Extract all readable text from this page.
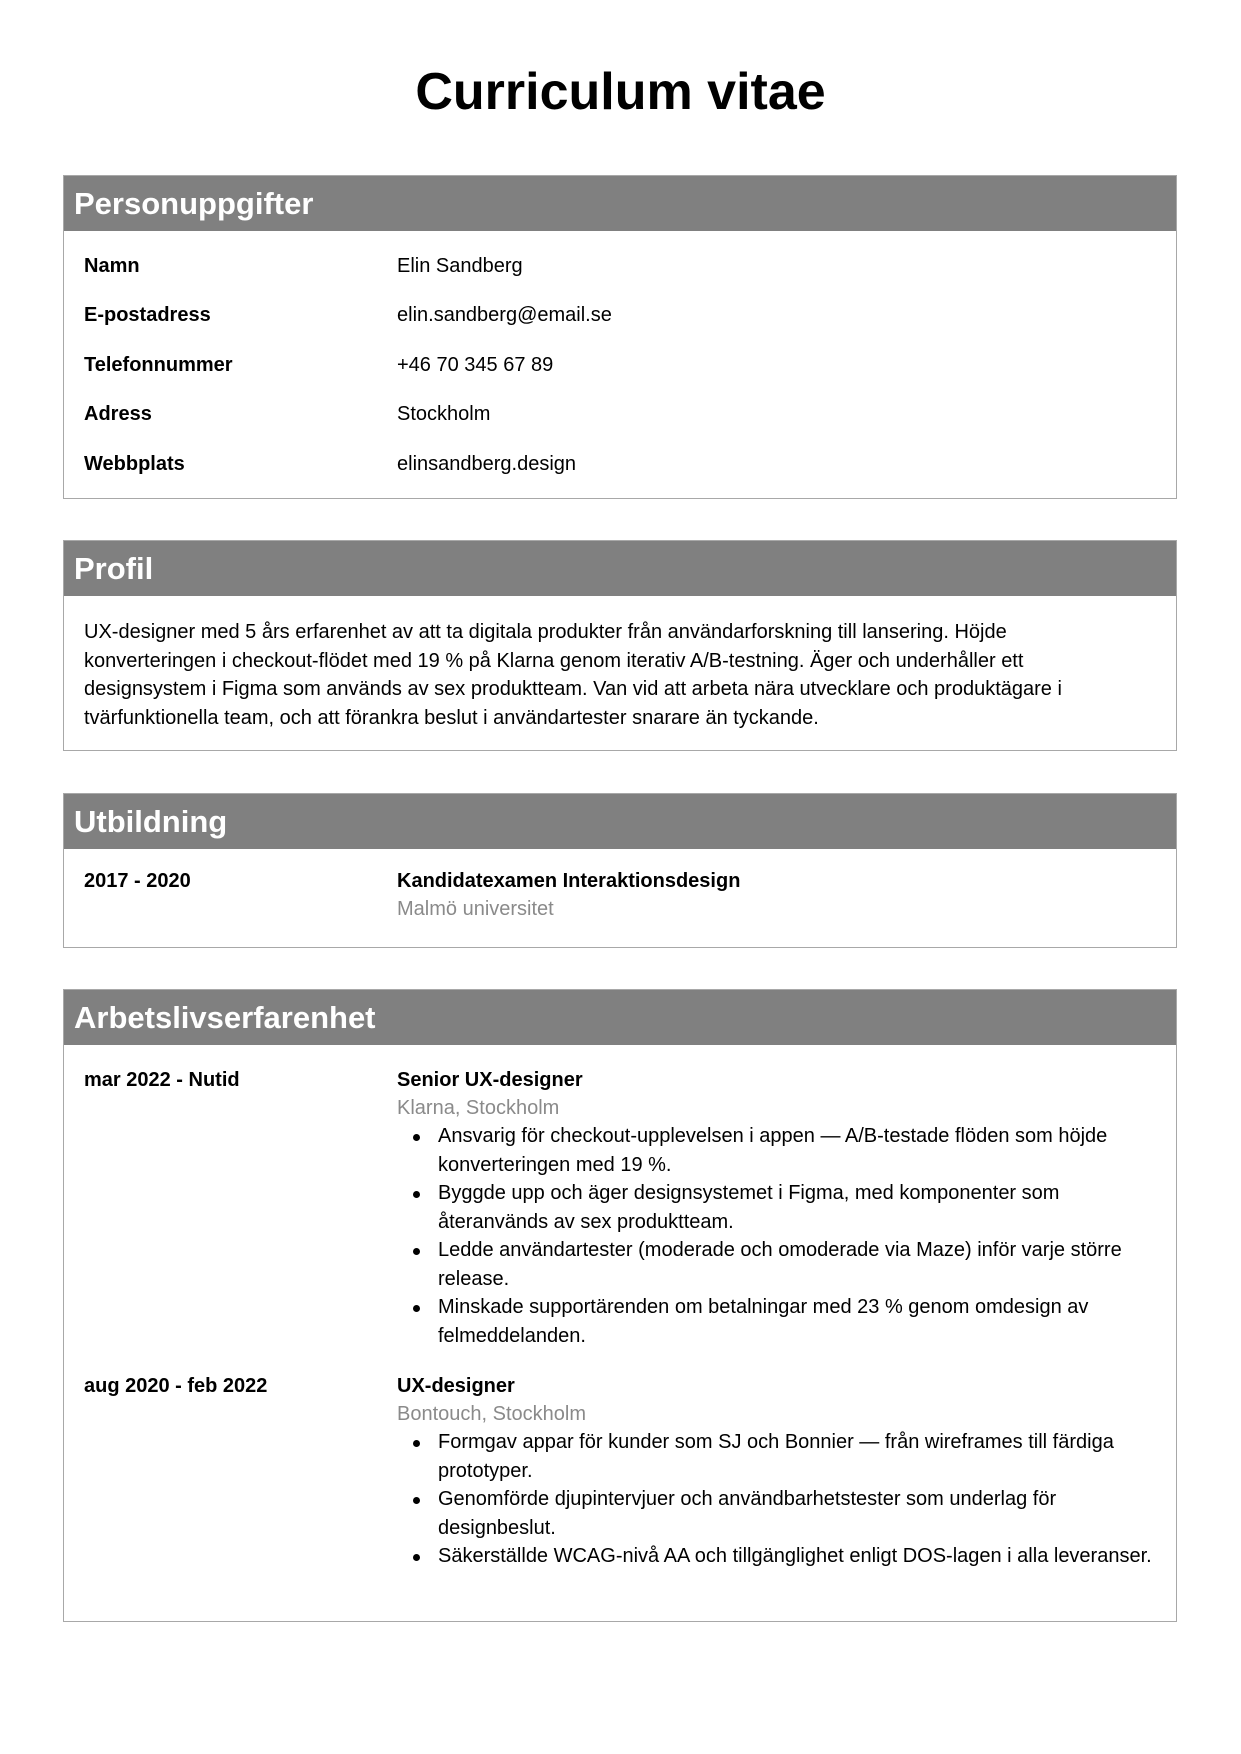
Curriculum vitae
Personuppgifter
Namn	Elin Sandberg
E-postadress	elin.sandberg@email.se
Telefonnummer	+46 70 345 67 89
Adress	Stockholm
Webbplats	elinsandberg.design
Profil
UX-designer med 5 års erfarenhet av att ta digitala produkter från användarforskning till lansering. Höjde konverteringen i checkout-flödet med 19 % på Klarna genom iterativ A/B-testning. Äger och underhåller ett designsystem i Figma som används av sex produktteam. Van vid att arbeta nära utvecklare och produktägare i tvärfunktionella team, och att förankra beslut i användartester snarare än tyckande.
Utbildning
2017 - 2020	Kandidatexamen Interaktionsdesign
Malmö universitet
Arbetslivserfarenhet
mar 2022 - Nutid	Senior UX-designer
Klarna, Stockholm
Ansvarig för checkout-upplevelsen i appen — A/B-testade flöden som höjde konverteringen med 19 %.
Byggde upp och äger designsystemet i Figma, med komponenter som återanvänds av sex produktteam.
Ledde användartester (moderade och omoderade via Maze) inför varje större release.
Minskade supportärenden om betalningar med 23 % genom omdesign av felmeddelanden.
aug 2020 - feb 2022	UX-designer
Bontouch, Stockholm
Formgav appar för kunder som SJ och Bonnier — från wireframes till färdiga prototyper.
Genomförde djupintervjuer och användbarhetstester som underlag för designbeslut.
Säkerställde WCAG-nivå AA och tillgänglighet enligt DOS-lagen i alla leveranser.
